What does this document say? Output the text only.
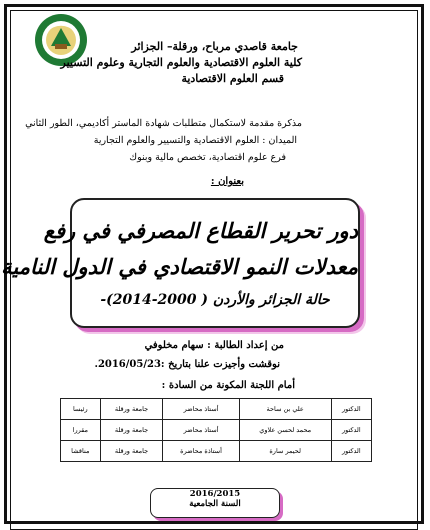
جامعة قاصدي مرباح، ورقلة– الجزائر
كلية العلوم الاقتصادية والعلوم التجارية وعلوم التسيير
قسم العلوم الاقتصادية
مذكرة مقدمة لاستكمال متطلبات شهادة الماستر أكاديمي، الطور الثاني
الميدان : العلوم الاقتصادية والتسيير والعلوم التجارية
فرع علوم اقتصادية، تخصص مالية وبنوك
بعنوان :
دور تحرير القطاع المصرفي في رفع
معدلات النمو الاقتصادي في الدول النامية
حالة الجزائر والأردن ( 2000-2014)-
من إعداد الطالبة : سهام مخلوفي
نوقشت وأجيزت علنا بتاريخ :2016/05/23.
أمام اللجنة المكونة من السادة :
الدكتور	علي بن ساحة	أستاذ محاضر	جامعة ورقلة	رئيسا
الدكتور	محمد لحسن علاوي	أستاذ محاضر	جامعة ورقلة	مقررا
الدكتور	لحيمر سارة	أستاذة محاضرة	جامعة ورقلة	مناقشا
2016/2015
السنة الجامعية
